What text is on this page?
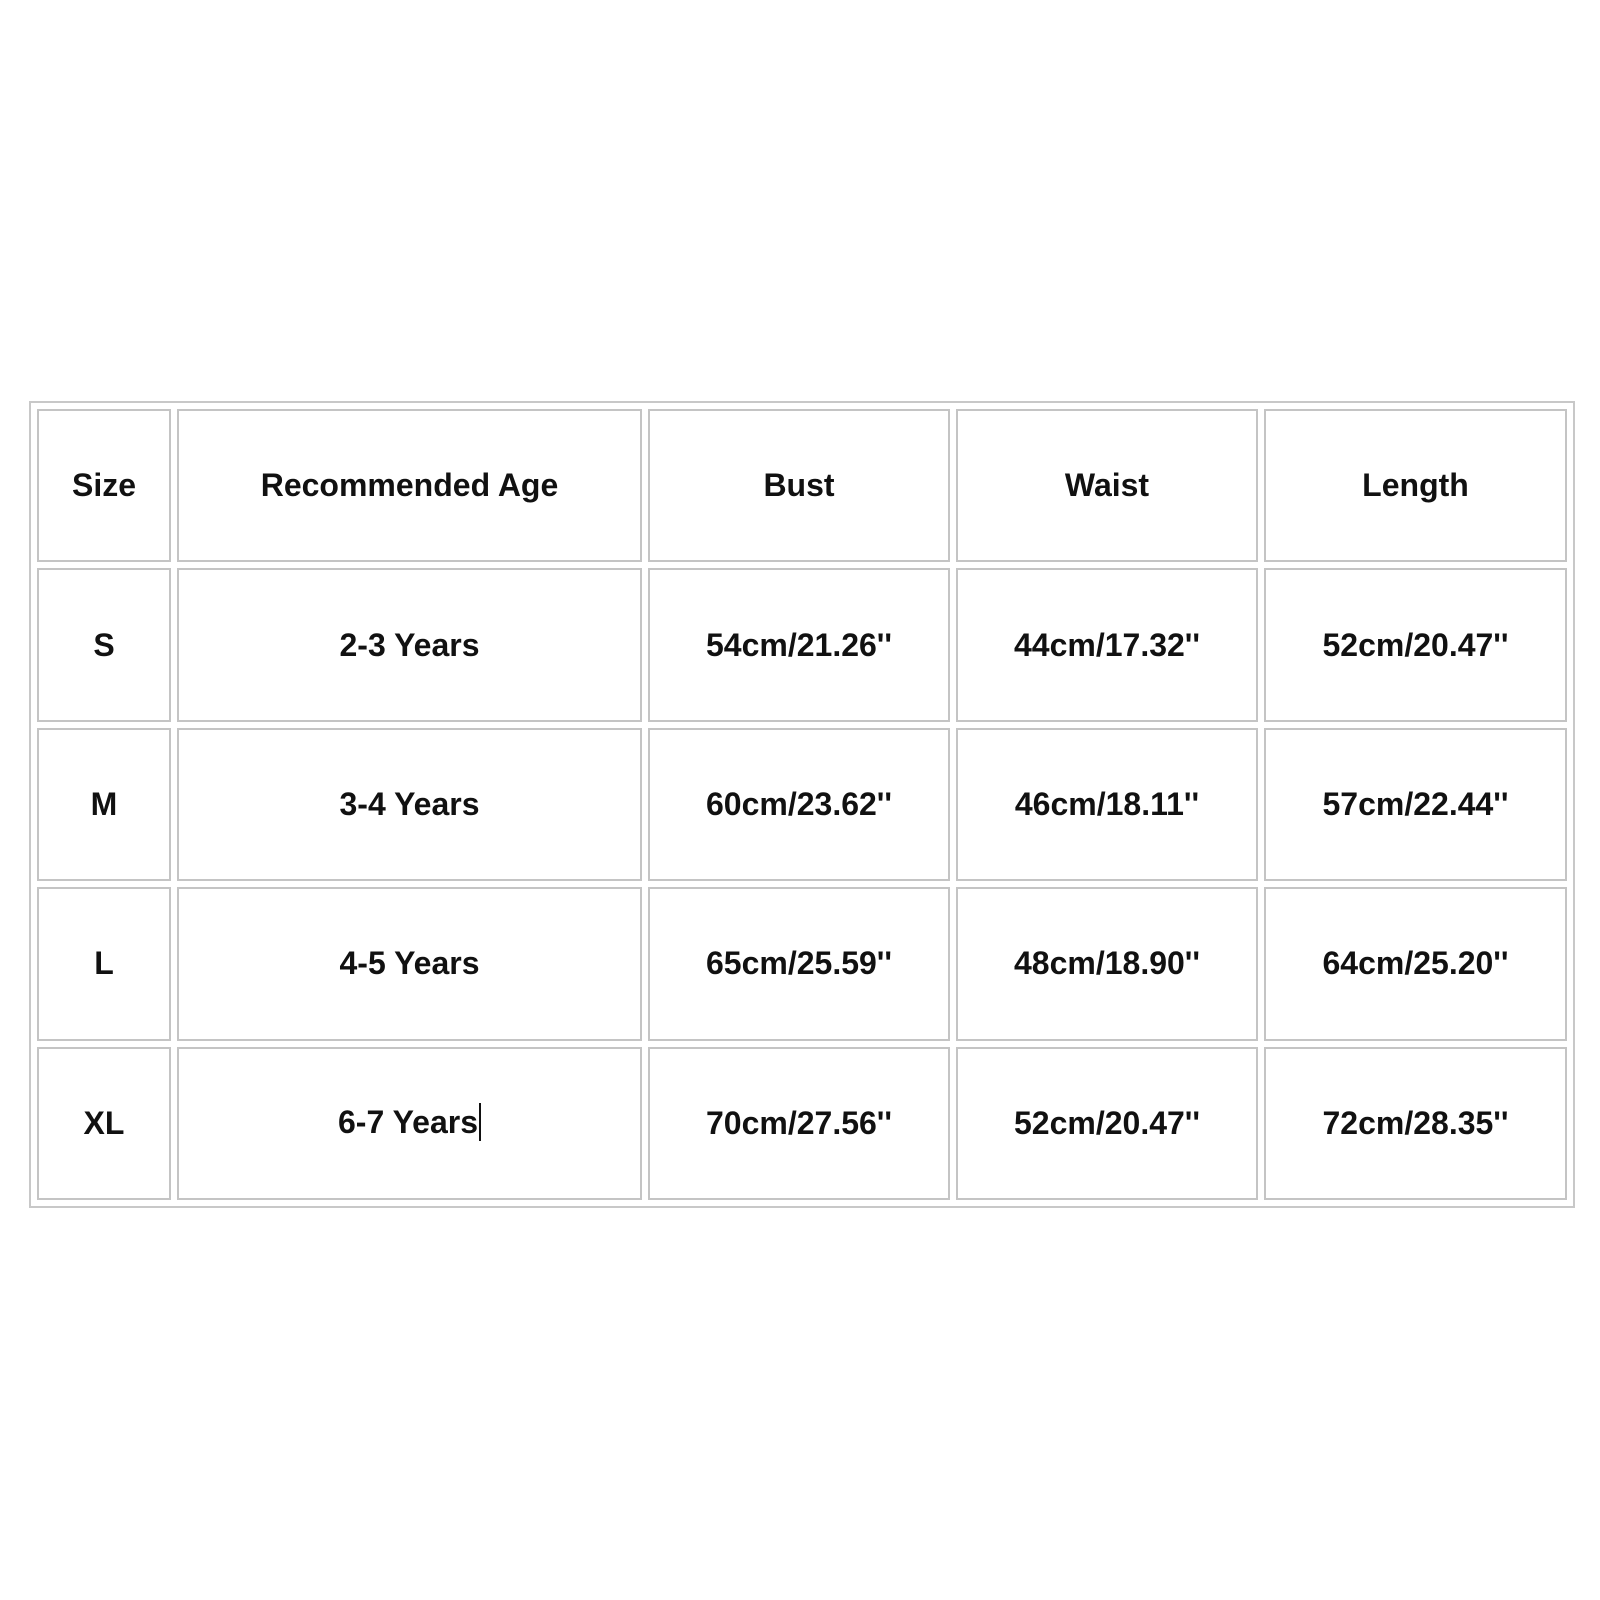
Size	Recommended Age	Bust	Waist	Length
S	2-3 Years	54cm/21.26''	44cm/17.32''	52cm/20.47''
M	3-4 Years	60cm/23.62''	46cm/18.11''	57cm/22.44''
L	4-5 Years	65cm/25.59''	48cm/18.90''	64cm/25.20''
XL	6-7 Years	70cm/27.56''	52cm/20.47''	72cm/28.35''
